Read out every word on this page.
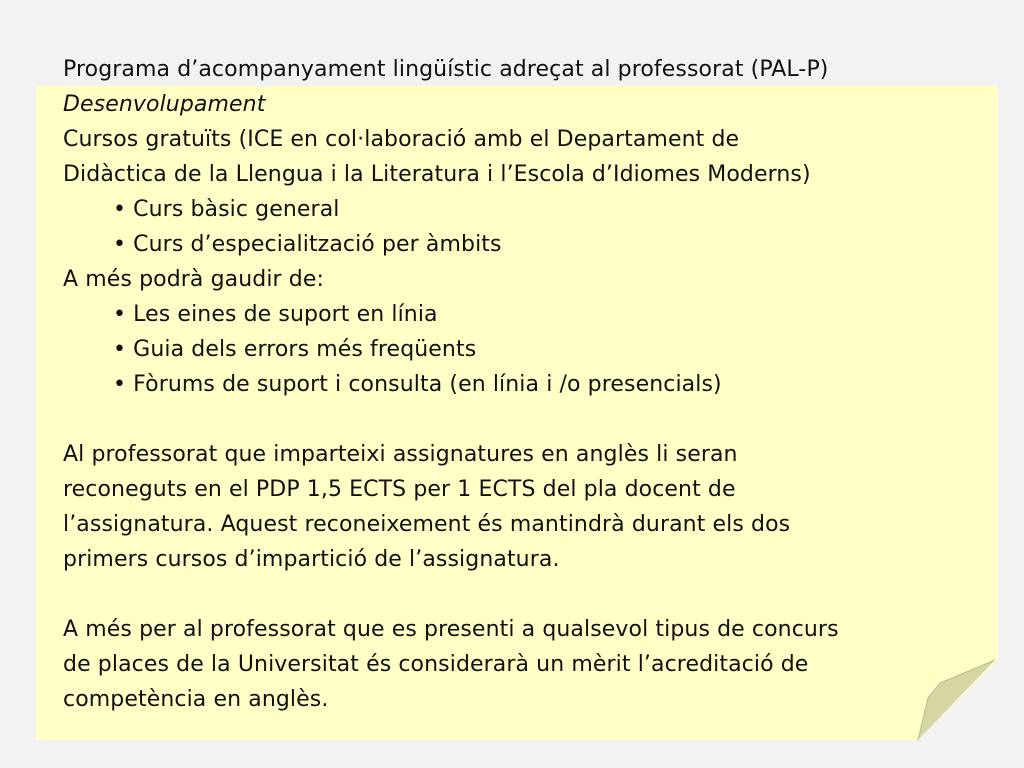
Programa d’acompanyament lingüístic adreçat al professorat (PAL-P)
Desenvolupament
Cursos gratuïts (ICE en col·laboració amb el Departament de
Didàctica de la Llengua i la Literatura i l’Escola d’Idiomes Moderns)
• Curs bàsic general
• Curs d’especialització per àmbits
A més podrà gaudir de:
• Les eines de suport en línia
• Guia dels errors més freqüents
• Fòrums de suport i consulta (en línia i /o presencials)
Al professorat que imparteixi assignatures en anglès li seran
reconeguts en el PDP 1,5 ECTS per 1 ECTS del pla docent de
l’assignatura. Aquest reconeixement és mantindrà durant els dos
primers cursos d’impartició de l’assignatura.
A més per al professorat que es presenti a qualsevol tipus de concurs
de places de la Universitat és considerarà un mèrit l’acreditació de
competència en anglès.
